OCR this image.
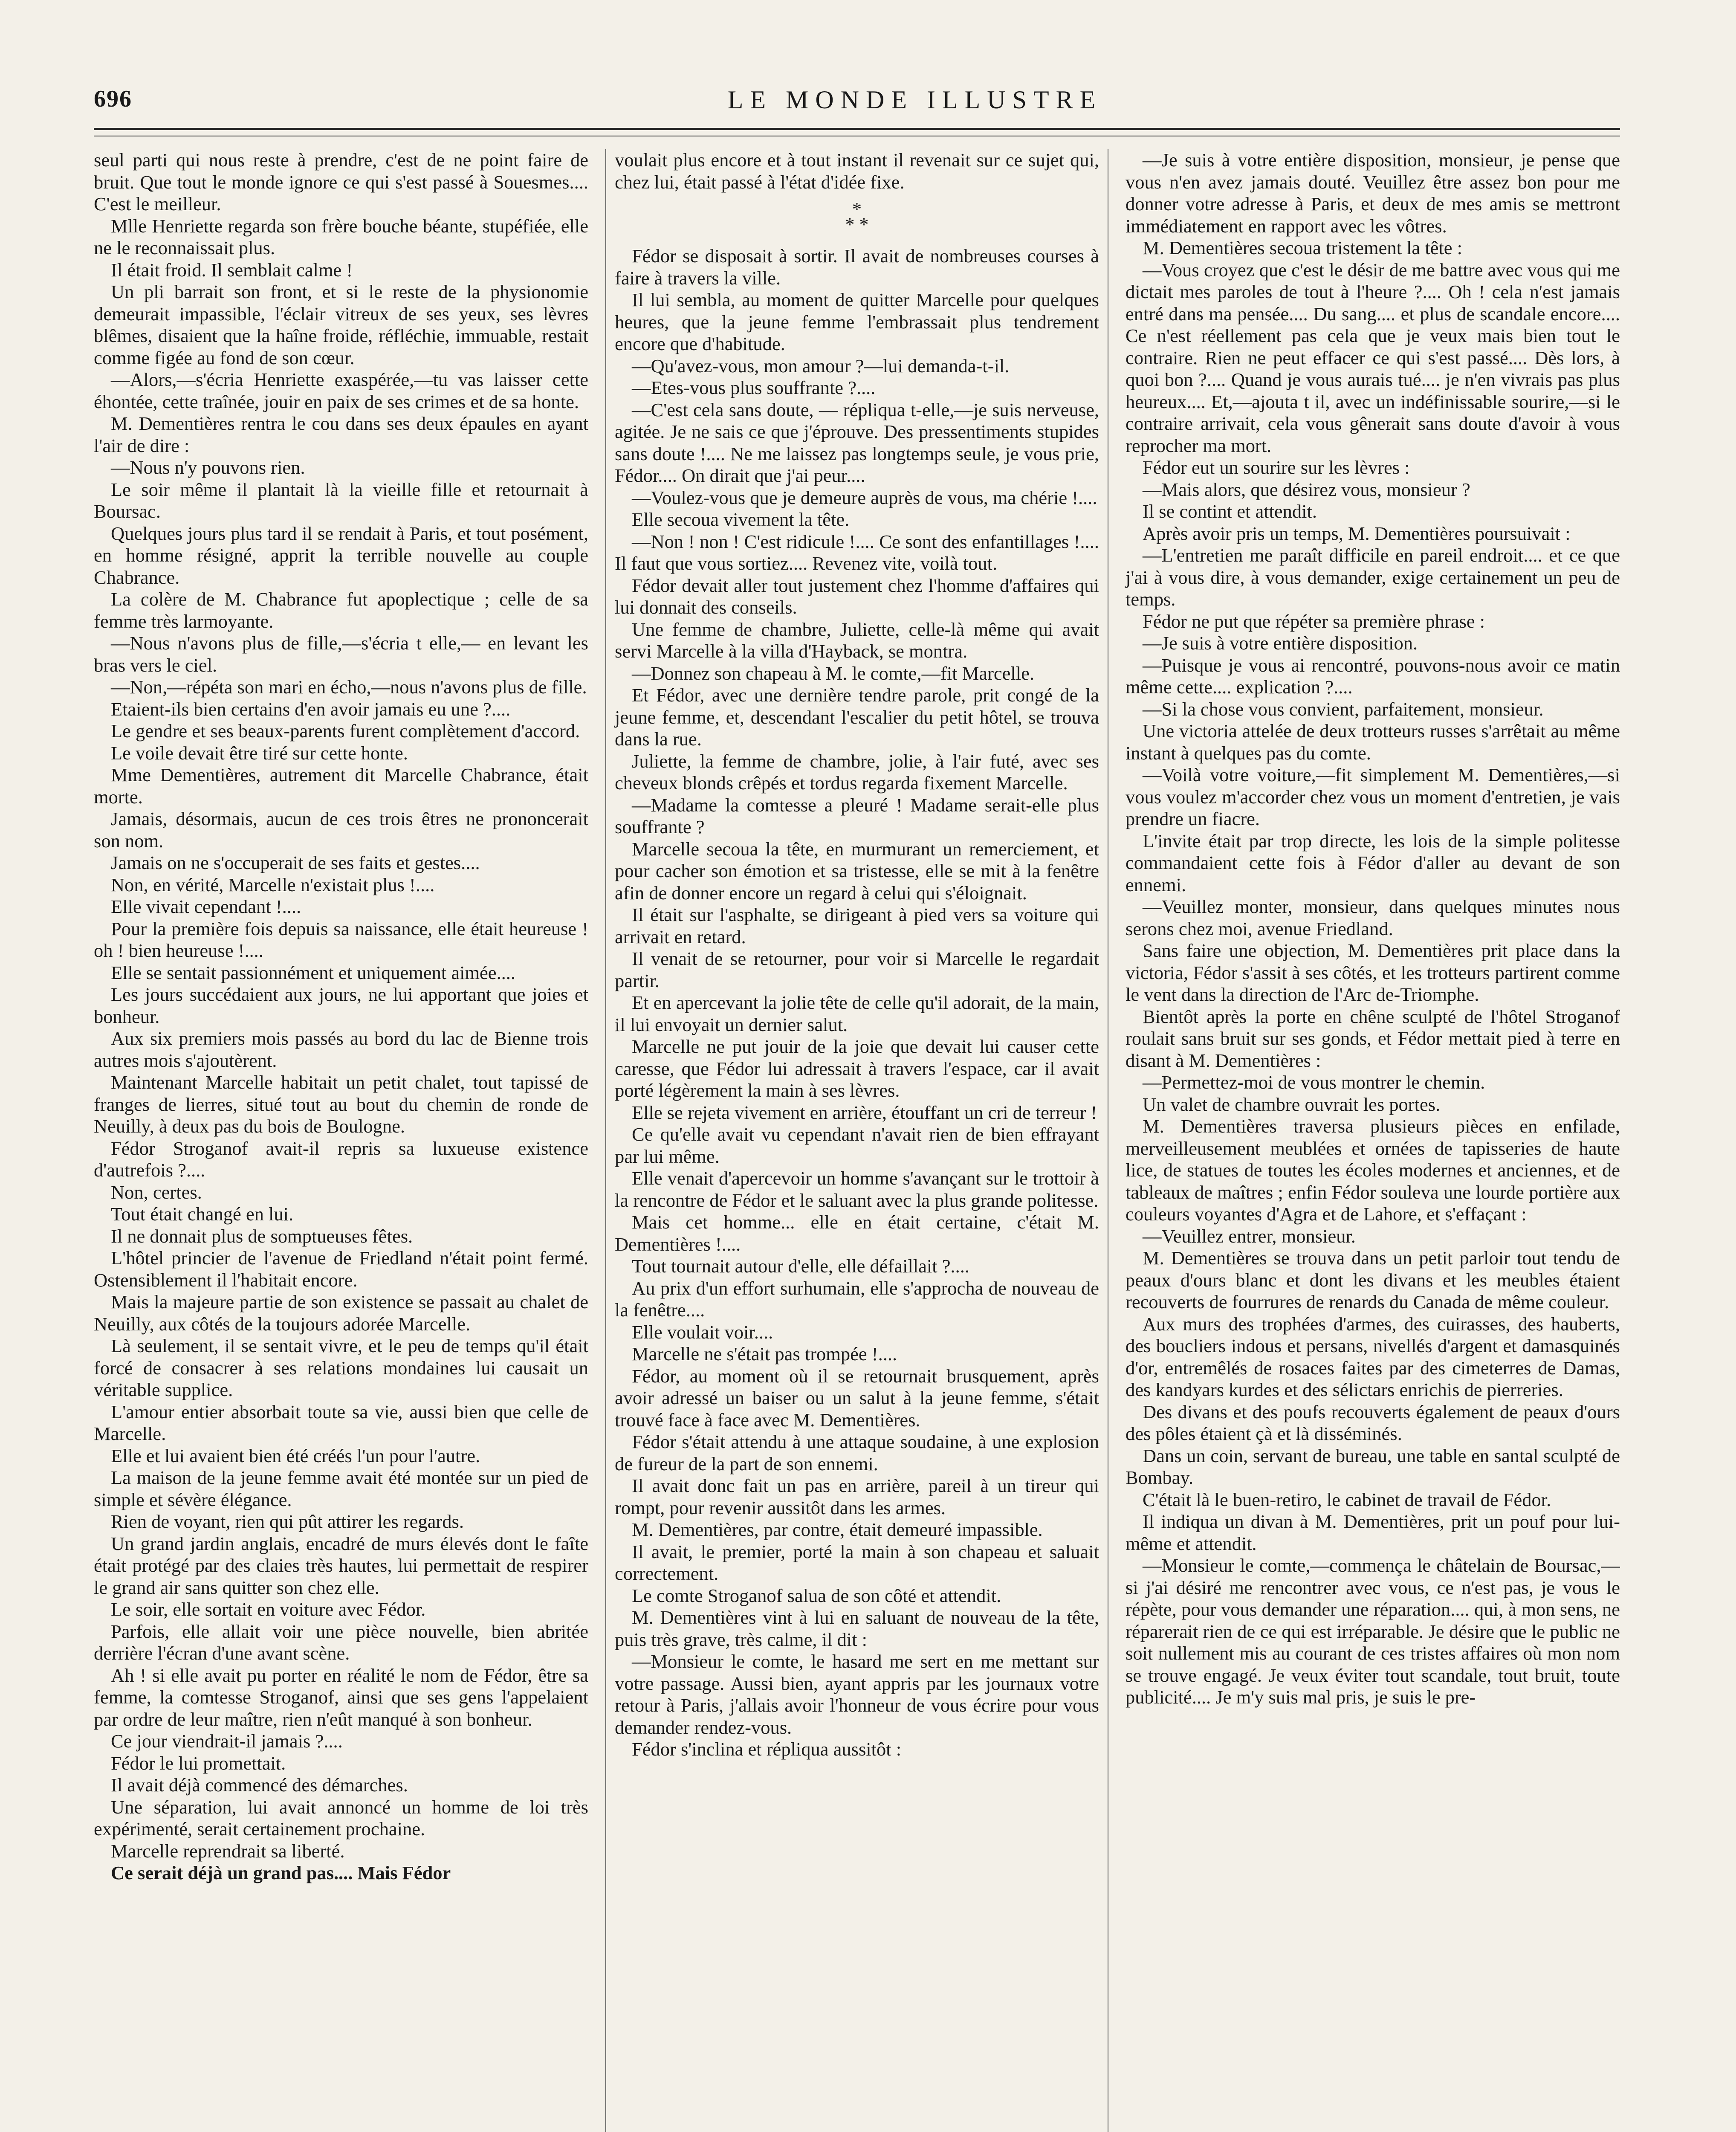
696	LE MONDE ILLUSTRE

seul parti qui nous reste à prendre, c'est de ne point faire de bruit. Que tout le monde ignore ce qui s'est passé à Souesmes.... C'est le meilleur.

Mlle Henriette regarda son frère bouche béante, stupéfiée, elle ne le reconnaissait plus.

Il était froid. Il semblait calme !

Un pli barrait son front, et si le reste de la physionomie demeurait impassible, l'éclair vitreux de ses yeux, ses lèvres blêmes, disaient que la haîne froide, réfléchie, immuable, restait comme figée au fond de son cœur.

—Alors,—s'écria Henriette exaspérée,—tu vas laisser cette éhontée, cette traînée, jouir en paix de ses crimes et de sa honte.

M. Dementières rentra le cou dans ses deux épaules en ayant l'air de dire :

—Nous n'y pouvons rien.

Le soir même il plantait là la vieille fille et retournait à Boursac.

Quelques jours plus tard il se rendait à Paris, et tout posément, en homme résigné, apprit la terrible nouvelle au couple Chabrance.

La colère de M. Chabrance fut apoplectique ; celle de sa femme très larmoyante.

—Nous n'avons plus de fille,—s'écria t elle,— en levant les bras vers le ciel.

—Non,—répéta son mari en écho,—nous n'avons plus de fille.

Etaient-ils bien certains d'en avoir jamais eu une ?....

Le gendre et ses beaux-parents furent complètement d'accord.

Le voile devait être tiré sur cette honte.

Mme Dementières, autrement dit Marcelle Chabrance, était morte.

Jamais, désormais, aucun de ces trois êtres ne prononcerait son nom.

Jamais on ne s'occuperait de ses faits et gestes....

Non, en vérité, Marcelle n'existait plus !....

Elle vivait cependant !....

Pour la première fois depuis sa naissance, elle était heureuse ! oh ! bien heureuse !....

Elle se sentait passionnément et uniquement aimée....

Les jours succédaient aux jours, ne lui apportant que joies et bonheur.

Aux six premiers mois passés au bord du lac de Bienne trois autres mois s'ajoutèrent.

Maintenant Marcelle habitait un petit chalet, tout tapissé de franges de lierres, situé tout au bout du chemin de ronde de Neuilly, à deux pas du bois de Boulogne.

Fédor Stroganof avait-il repris sa luxueuse existence d'autrefois ?....

Non, certes.

Tout était changé en lui.

Il ne donnait plus de somptueuses fêtes.

L'hôtel princier de l'avenue de Friedland n'était point fermé. Ostensiblement il l'habitait encore.

Mais la majeure partie de son existence se passait au chalet de Neuilly, aux côtés de la toujours adorée Marcelle.

Là seulement, il se sentait vivre, et le peu de temps qu'il était forcé de consacrer à ses relations mondaines lui causait un véritable supplice.

L'amour entier absorbait toute sa vie, aussi bien que celle de Marcelle.

Elle et lui avaient bien été créés l'un pour l'autre.

La maison de la jeune femme avait été montée sur un pied de simple et sévère élégance.

Rien de voyant, rien qui pût attirer les regards.

Un grand jardin anglais, encadré de murs élevés dont le faîte était protégé par des claies très hautes, lui permettait de respirer le grand air sans quitter son chez elle.

Le soir, elle sortait en voiture avec Fédor.

Parfois, elle allait voir une pièce nouvelle, bien abritée derrière l'écran d'une avant scène.

Ah ! si elle avait pu porter en réalité le nom de Fédor, être sa femme, la comtesse Stroganof, ainsi que ses gens l'appelaient par ordre de leur maître, rien n'eût manqué à son bonheur.

Ce jour viendrait-il jamais ?....

Fédor le lui promettait.

Il avait déjà commencé des démarches.

Une séparation, lui avait annoncé un homme de loi très expérimenté, serait certainement prochaine.

Marcelle reprendrait sa liberté.

Ce serait déjà un grand pas.... Mais Fédor

voulait plus encore et à tout instant il revenait sur ce sujet qui, chez lui, était passé à l'état d'idée fixe.

*
* *

Fédor se disposait à sortir. Il avait de nombreuses courses à faire à travers la ville.

Il lui sembla, au moment de quitter Marcelle pour quelques heures, que la jeune femme l'embrassait plus tendrement encore que d'habitude.

—Qu'avez-vous, mon amour ?—lui demanda-t-il.

—Etes-vous plus souffrante ?....

—C'est cela sans doute, — répliqua t-elle,—je suis nerveuse, agitée. Je ne sais ce que j'éprouve. Des pressentiments stupides sans doute !.... Ne me laissez pas longtemps seule, je vous prie, Fédor.... On dirait que j'ai peur....

—Voulez-vous que je demeure auprès de vous, ma chérie !....

Elle secoua vivement la tête.

—Non ! non ! C'est ridicule !.... Ce sont des enfantillages !.... Il faut que vous sortiez.... Revenez vite, voilà tout.

Fédor devait aller tout justement chez l'homme d'affaires qui lui donnait des conseils.

Une femme de chambre, Juliette, celle-là même qui avait servi Marcelle à la villa d'Hayback, se montra.

—Donnez son chapeau à M. le comte,—fit Marcelle.

Et Fédor, avec une dernière tendre parole, prit congé de la jeune femme, et, descendant l'escalier du petit hôtel, se trouva dans la rue.

Juliette, la femme de chambre, jolie, à l'air futé, avec ses cheveux blonds crêpés et tordus regarda fixement Marcelle.

—Madame la comtesse a pleuré ! Madame serait-elle plus souffrante ?

Marcelle secoua la tête, en murmurant un remerciement, et pour cacher son émotion et sa tristesse, elle se mit à la fenêtre afin de donner encore un regard à celui qui s'éloignait.

Il était sur l'asphalte, se dirigeant à pied vers sa voiture qui arrivait en retard.

Il venait de se retourner, pour voir si Marcelle le regardait partir.

Et en apercevant la jolie tête de celle qu'il adorait, de la main, il lui envoyait un dernier salut.

Marcelle ne put jouir de la joie que devait lui causer cette caresse, que Fédor lui adressait à travers l'espace, car il avait porté légèrement la main à ses lèvres.

Elle se rejeta vivement en arrière, étouffant un cri de terreur !

Ce qu'elle avait vu cependant n'avait rien de bien effrayant par lui même.

Elle venait d'apercevoir un homme s'avançant sur le trottoir à la rencontre de Fédor et le saluant avec la plus grande politesse.

Mais cet homme... elle en était certaine, c'était M. Dementières !....

Tout tournait autour d'elle, elle défaillait ?....

Au prix d'un effort surhumain, elle s'approcha de nouveau de la fenêtre....

Elle voulait voir....

Marcelle ne s'était pas trompée !....

Fédor, au moment où il se retournait brusquement, après avoir adressé un baiser ou un salut à la jeune femme, s'était trouvé face à face avec M. Dementières.

Fédor s'était attendu à une attaque soudaine, à une explosion de fureur de la part de son ennemi.

Il avait donc fait un pas en arrière, pareil à un tireur qui rompt, pour revenir aussitôt dans les armes.

M. Dementières, par contre, était demeuré impassible.

Il avait, le premier, porté la main à son chapeau et saluait correctement.

Le comte Stroganof salua de son côté et attendit.

M. Dementières vint à lui en saluant de nouveau de la tête, puis très grave, très calme, il dit :

—Monsieur le comte, le hasard me sert en me mettant sur votre passage. Aussi bien, ayant appris par les journaux votre retour à Paris, j'allais avoir l'honneur de vous écrire pour vous demander rendez-vous.

Fédor s'inclina et répliqua aussitôt :

—Je suis à votre entière disposition, monsieur, je pense que vous n'en avez jamais douté. Veuillez être assez bon pour me donner votre adresse à Paris, et deux de mes amis se mettront immédiatement en rapport avec les vôtres.

M. Dementières secoua tristement la tête :

—Vous croyez que c'est le désir de me battre avec vous qui me dictait mes paroles de tout à l'heure ?.... Oh ! cela n'est jamais entré dans ma pensée.... Du sang.... et plus de scandale encore.... Ce n'est réellement pas cela que je veux mais bien tout le contraire. Rien ne peut effacer ce qui s'est passé.... Dès lors, à quoi bon ?.... Quand je vous aurais tué.... je n'en vivrais pas plus heureux.... Et,—ajouta t il, avec un indéfinissable sourire,—si le contraire arrivait, cela vous gênerait sans doute d'avoir à vous reprocher ma mort.

Fédor eut un sourire sur les lèvres :

—Mais alors, que désirez vous, monsieur ?

Il se contint et attendit.

Après avoir pris un temps, M. Dementières poursuivait :

—L'entretien me paraît difficile en pareil endroit.... et ce que j'ai à vous dire, à vous demander, exige certainement un peu de temps.

Fédor ne put que répéter sa première phrase :

—Je suis à votre entière disposition.

—Puisque je vous ai rencontré, pouvons-nous avoir ce matin même cette.... explication ?....

—Si la chose vous convient, parfaitement, monsieur.

Une victoria attelée de deux trotteurs russes s'arrêtait au même instant à quelques pas du comte.

—Voilà votre voiture,—fit simplement M. Dementières,—si vous voulez m'accorder chez vous un moment d'entretien, je vais prendre un fiacre.

L'invite était par trop directe, les lois de la simple politesse commandaient cette fois à Fédor d'aller au devant de son ennemi.

—Veuillez monter, monsieur, dans quelques minutes nous serons chez moi, avenue Friedland.

Sans faire une objection, M. Dementières prit place dans la victoria, Fédor s'assit à ses côtés, et les trotteurs partirent comme le vent dans la direction de l'Arc de-Triomphe.

Bientôt après la porte en chêne sculpté de l'hôtel Stroganof roulait sans bruit sur ses gonds, et Fédor mettait pied à terre en disant à M. Dementières :

—Permettez-moi de vous montrer le chemin.

Un valet de chambre ouvrait les portes.

M. Dementières traversa plusieurs pièces en enfilade, merveilleusement meublées et ornées de tapisseries de haute lice, de statues de toutes les écoles modernes et anciennes, et de tableaux de maîtres ; enfin Fédor souleva une lourde portière aux couleurs voyantes d'Agra et de Lahore, et s'effaçant :

—Veuillez entrer, monsieur.

M. Dementières se trouva dans un petit parloir tout tendu de peaux d'ours blanc et dont les divans et les meubles étaient recouverts de fourrures de renards du Canada de même couleur.

Aux murs des trophées d'armes, des cuirasses, des hauberts, des boucliers indous et persans, nivellés d'argent et damasquinés d'or, entremêlés de rosaces faites par des cimeterres de Damas, des kandyars kurdes et des sélictars enrichis de pierreries.

Des divans et des poufs recouverts également de peaux d'ours des pôles étaient çà et là disséminés.

Dans un coin, servant de bureau, une table en santal sculpté de Bombay.

C'était là le buen-retiro, le cabinet de travail de Fédor.

Il indiqua un divan à M. Dementières, prit un pouf pour lui-même et attendit.

—Monsieur le comte,—commença le châtelain de Boursac,—si j'ai désiré me rencontrer avec vous, ce n'est pas, je vous le répète, pour vous demander une réparation.... qui, à mon sens, ne réparerait rien de ce qui est irréparable. Je désire que le public ne soit nullement mis au courant de ces tristes affaires où mon nom se trouve engagé. Je veux éviter tout scandale, tout bruit, toute publicité.... Je m'y suis mal pris, je suis le pre-
